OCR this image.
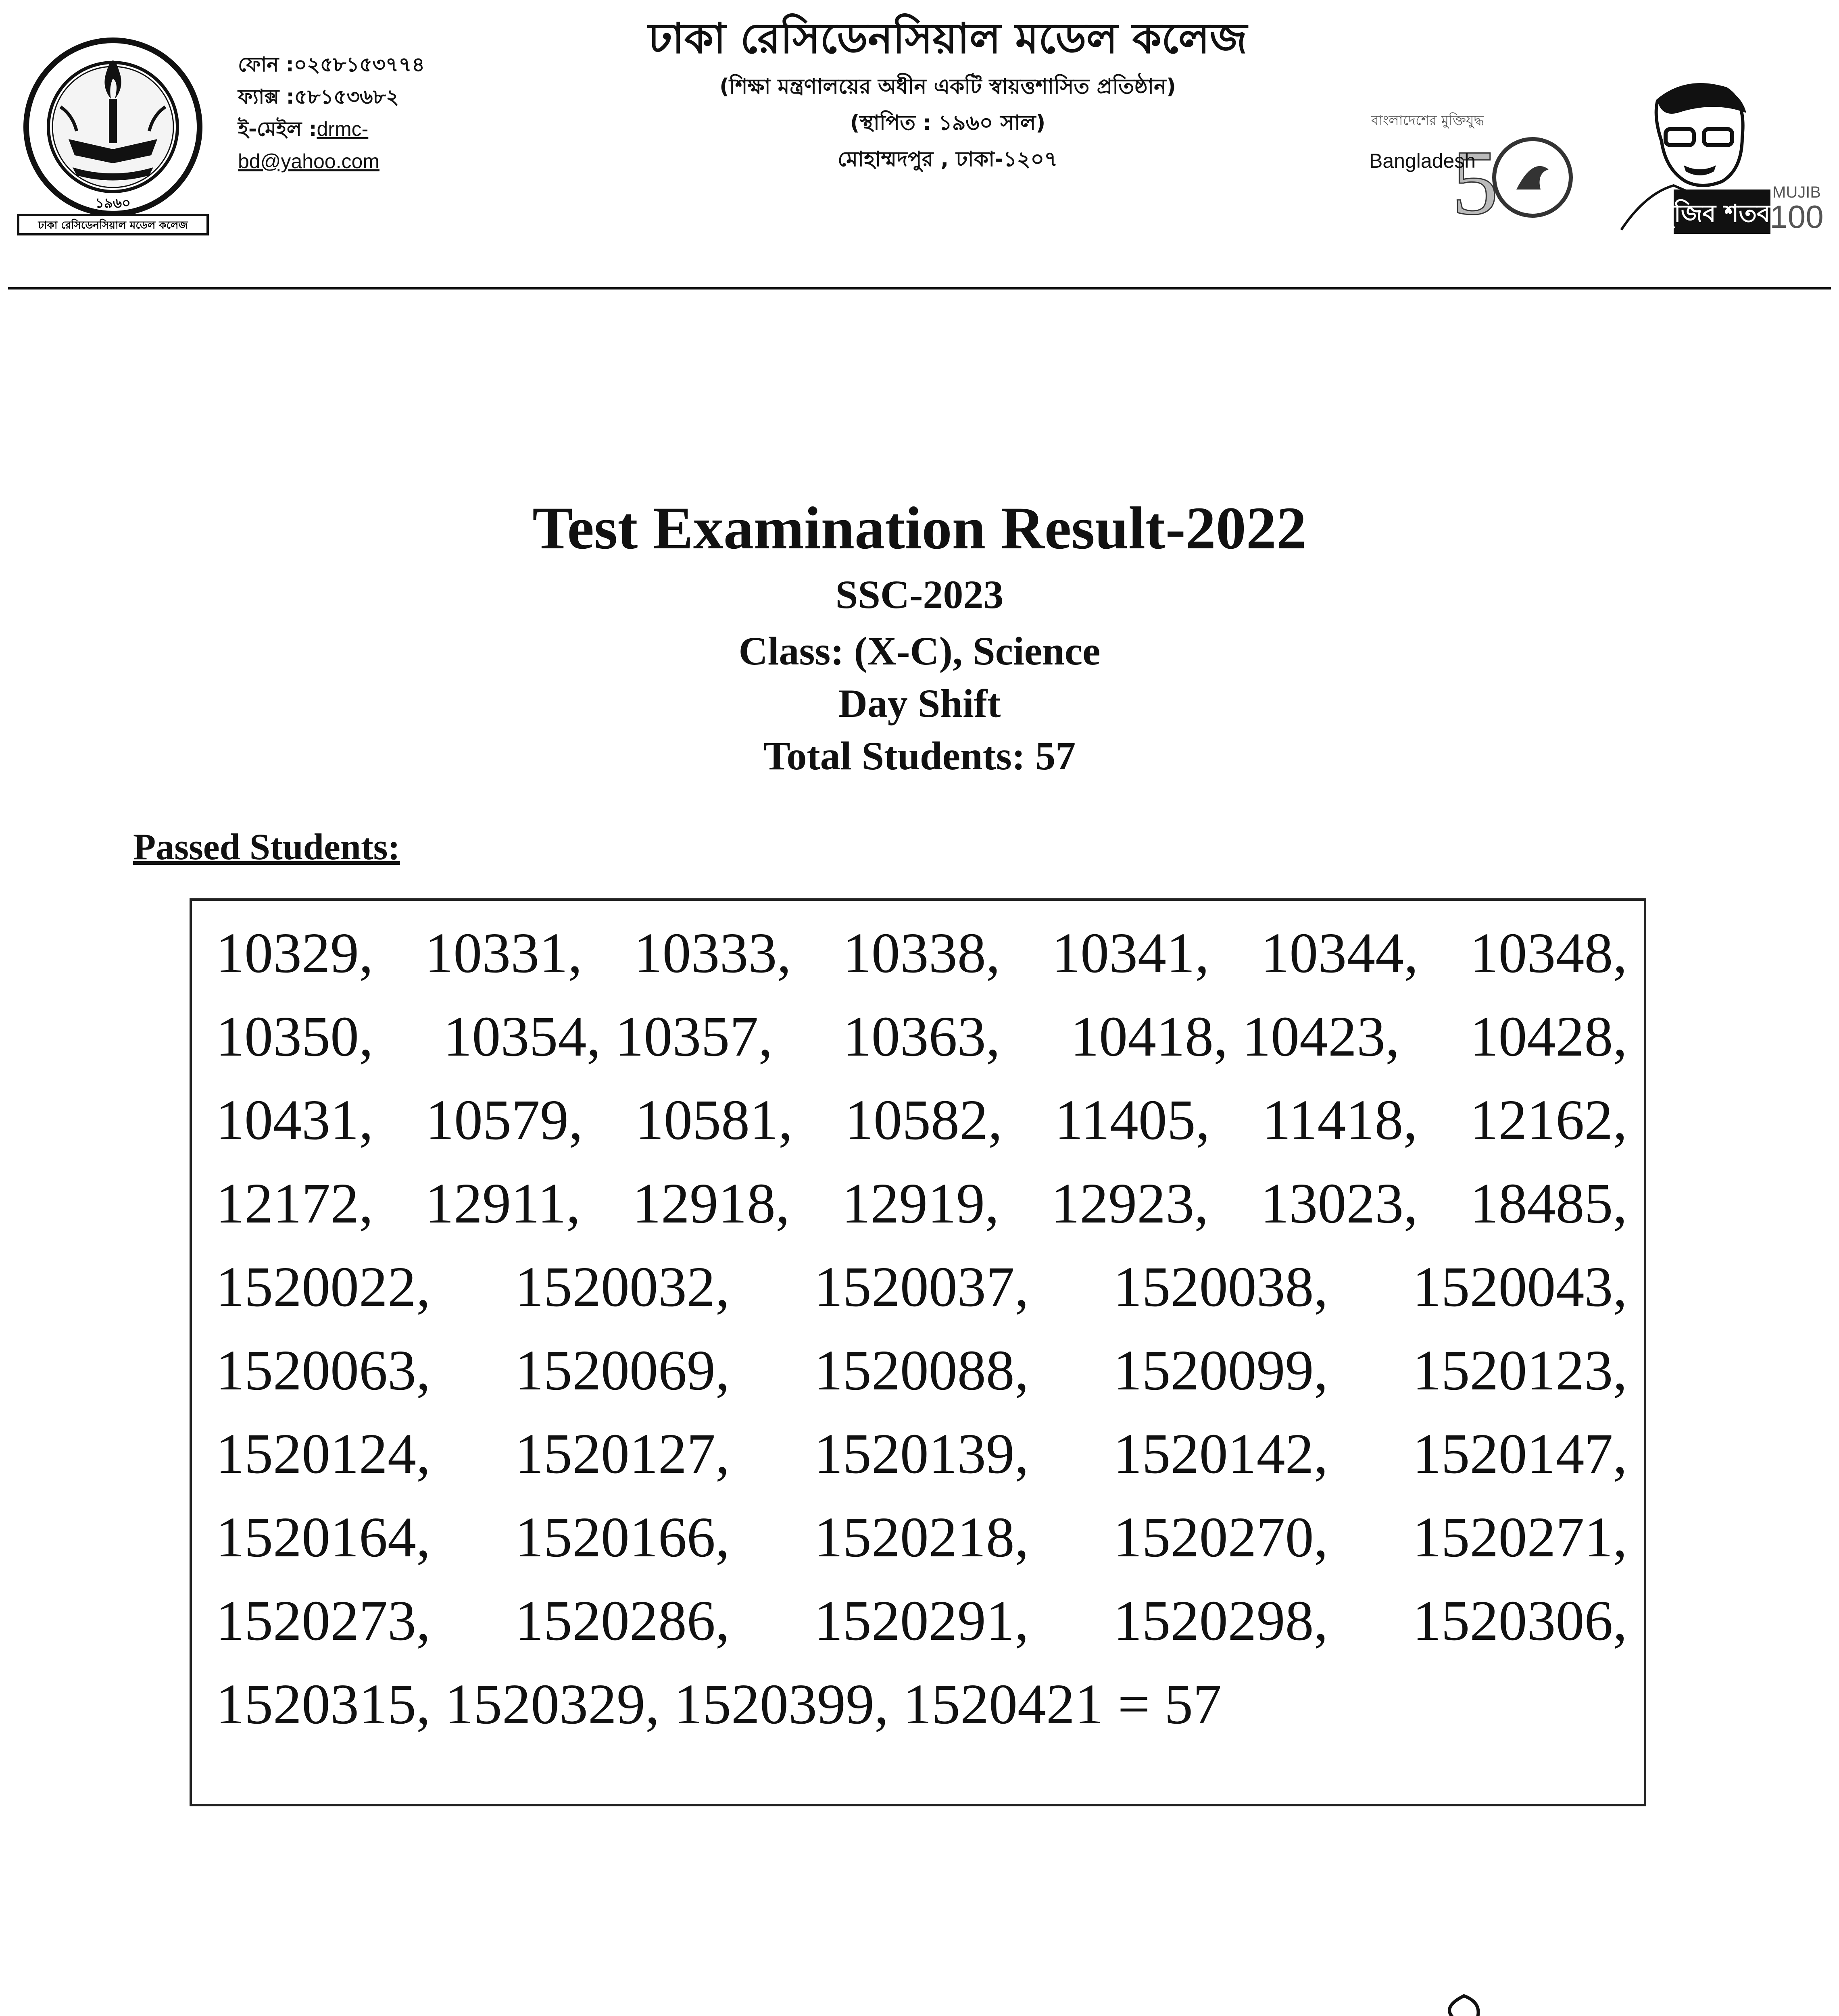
১৯৬০
ঢাকা রেসিডেনসিয়াল মডেল কলেজ
ফোন :০২৫৮১৫৩৭৭৪
ফ্যাক্স :৫৮১৫৩৬৮২
ই-মেইল :drmc-
bd@yahoo.com
ঢাকা রেসিডেনসিয়াল মডেল কলেজ
(শিক্ষা মন্ত্রণালয়ের অধীন একটি স্বায়ত্তশাসিত প্রতিষ্ঠান)
(স্থাপিত : ১৯৬০ সাল)
মোহাম্মদপুর , ঢাকা-১২০৭
বাংলাদেশের মুক্তিযুদ্ধ
5
Bangladesh
মুজিব শতবর্ষ
MUJIB
100
Test Examination Result-2022
SSC-2023
Class: (X-C), Science
Day Shift
Total Students: 57
Passed Students:
10329, 10331, 10333, 10338, 10341, 10344, 10348,
10350, 10354, 10357, 10363, 10418, 10423, 10428,
10431, 10579, 10581, 10582, 11405, 11418, 12162,
12172, 12911, 12918, 12919, 12923, 13023, 18485,
1520022, 1520032, 1520037, 1520038, 1520043,
1520063, 1520069, 1520088, 1520099, 1520123,
1520124, 1520127, 1520139, 1520142, 1520147,
1520164, 1520166, 1520218, 1520270, 1520271,
1520273, 1520286, 1520291, 1520298, 1520306,
1520315, 1520329, 1520399, 1520421 = 57
